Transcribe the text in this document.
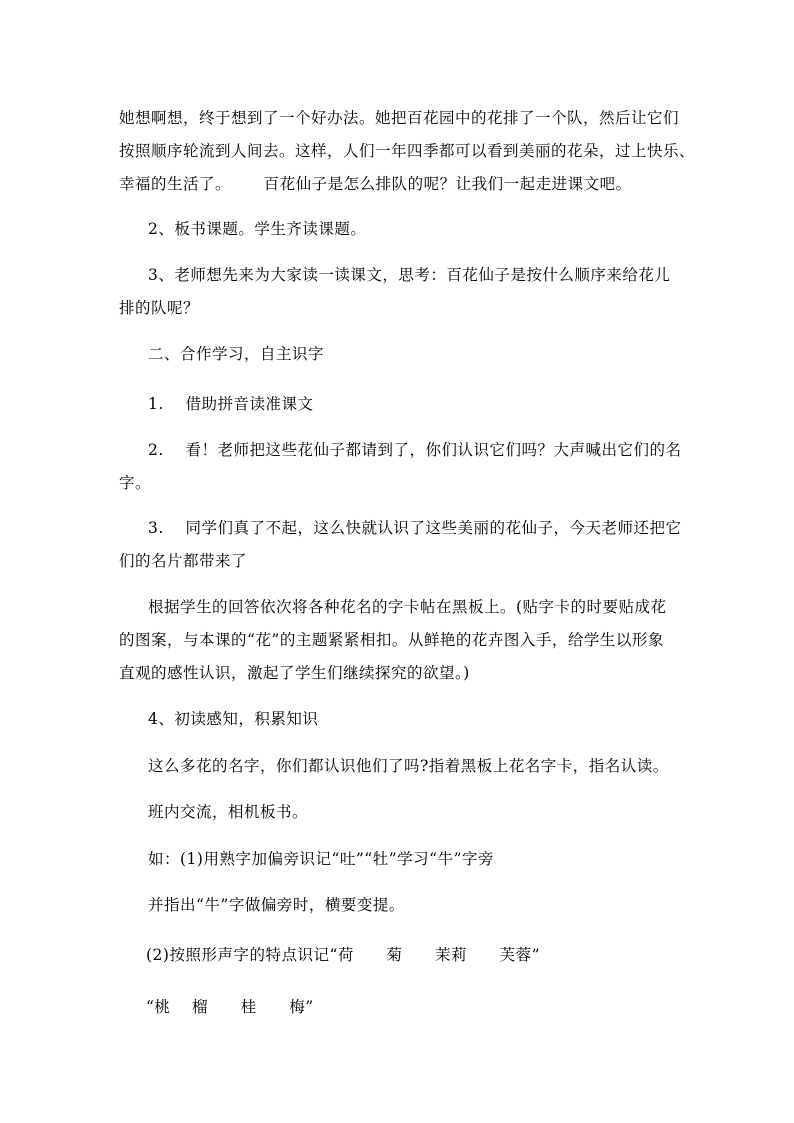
她想啊想，终于想到了一个好办法。她把百花园中的花排了一个队，然后让它们
按照顺序轮流到人间去。这样，人们一年四季都可以看到美丽的花朵，过上快乐、
幸福的生活了。      百花仙子是怎么排队的呢？让我们一起走进课文吧。
2、板书课题。学生齐读课题。
3、老师想先来为大家读一读课文，思考：百花仙子是按什么顺序来给花儿
排的队呢？
二、合作学习，自主识字
1.    借助拼音读准课文
2.    看！老师把这些花仙子都请到了，你们认识它们吗？大声喊出它们的名
字。
3.    同学们真了不起，这么快就认识了这些美丽的花仙子，今天老师还把它
们的名片都带来了
根据学生的回答依次将各种花名的字卡帖在黑板上。(贴字卡的时要贴成花
的图案，与本课的“花”的主题紧紧相扣。从鲜艳的花卉图入手，给学生以形象
直观的感性认识，激起了学生们继续探究的欲望。)
4、初读感知，积累知识
这么多花的名字，你们都认识他们了吗?指着黑板上花名字卡，指名认读。
班内交流，相机板书。
如：(1)用熟字加偏旁识记“吐”“牡”学习“牛”字旁
并指出“牛”字做偏旁时，横要变提。
(2)按照形声字的特点识记“荷      菊      茉莉      芙蓉”
“桃    榴      桂      梅”
